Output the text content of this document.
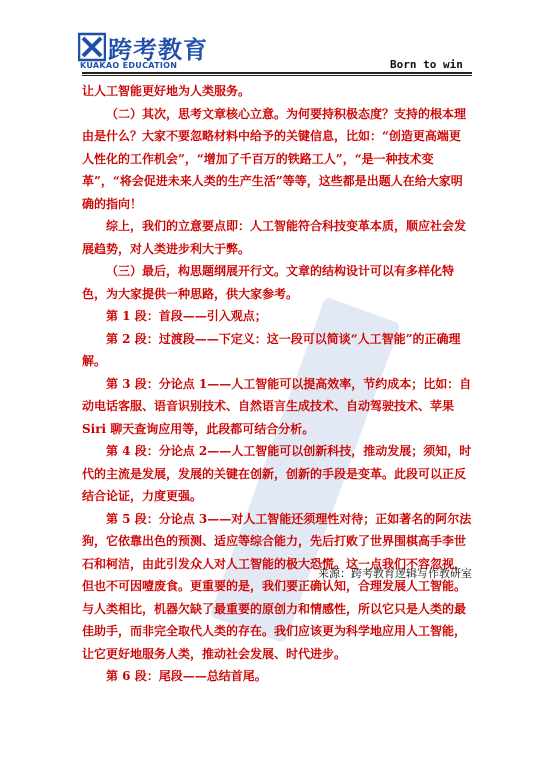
跨考教育
KUAKAO EDUCATION	Born to win

让人工智能更好地为人类服务。

（二）其次，思考文章核心立意。为何要持积极态度？支持的根本理由是什么？大家不要忽略材料中给予的关键信息，比如：“创造更高端更人性化的工作机会”，“增加了千百万的铁路工人”，“是一种技术变革”，“将会促进未来人类的生产生活”等等，这些都是出题人在给大家明确的指向！

综上，我们的立意要点即：人工智能符合科技变革本质，顺应社会发展趋势，对人类进步利大于弊。

（三）最后，构思题纲展开行文。文章的结构设计可以有多样化特色，为大家提供一种思路，供大家参考。

第 1 段：首段——引入观点；

第 2 段：过渡段——下定义：这一段可以简谈“人工智能”的正确理解。

第 3 段：分论点 1——人工智能可以提高效率，节约成本；比如：自动电话客服、语音识别技术、自然语言生成技术、自动驾驶技术、苹果 Siri 聊天查询应用等，此段都可结合分析。

第 4 段：分论点 2——人工智能可以创新科技，推动发展；须知，时代的主流是发展，发展的关键在创新，创新的手段是变革。此段可以正反结合论证，力度更强。

第 5 段：分论点 3——对人工智能还须理性对待；正如著名的阿尔法狗，它依靠出色的预测、适应等综合能力，先后打败了世界围棋高手李世石和柯洁，由此引发众人对人工智能的极大恐慌。这一点我们不容忽视，但也不可因噎废食。更重要的是，我们要正确认知，合理发展人工智能。与人类相比，机器欠缺了最重要的原创力和情感性，所以它只是人类的最佳助手，而非完全取代人类的存在。我们应该更为科学地应用人工智能，让它更好地服务人类，推动社会发展、时代进步。

第 6 段：尾段——总结首尾。

来源：跨考教育逻辑写作教研室
